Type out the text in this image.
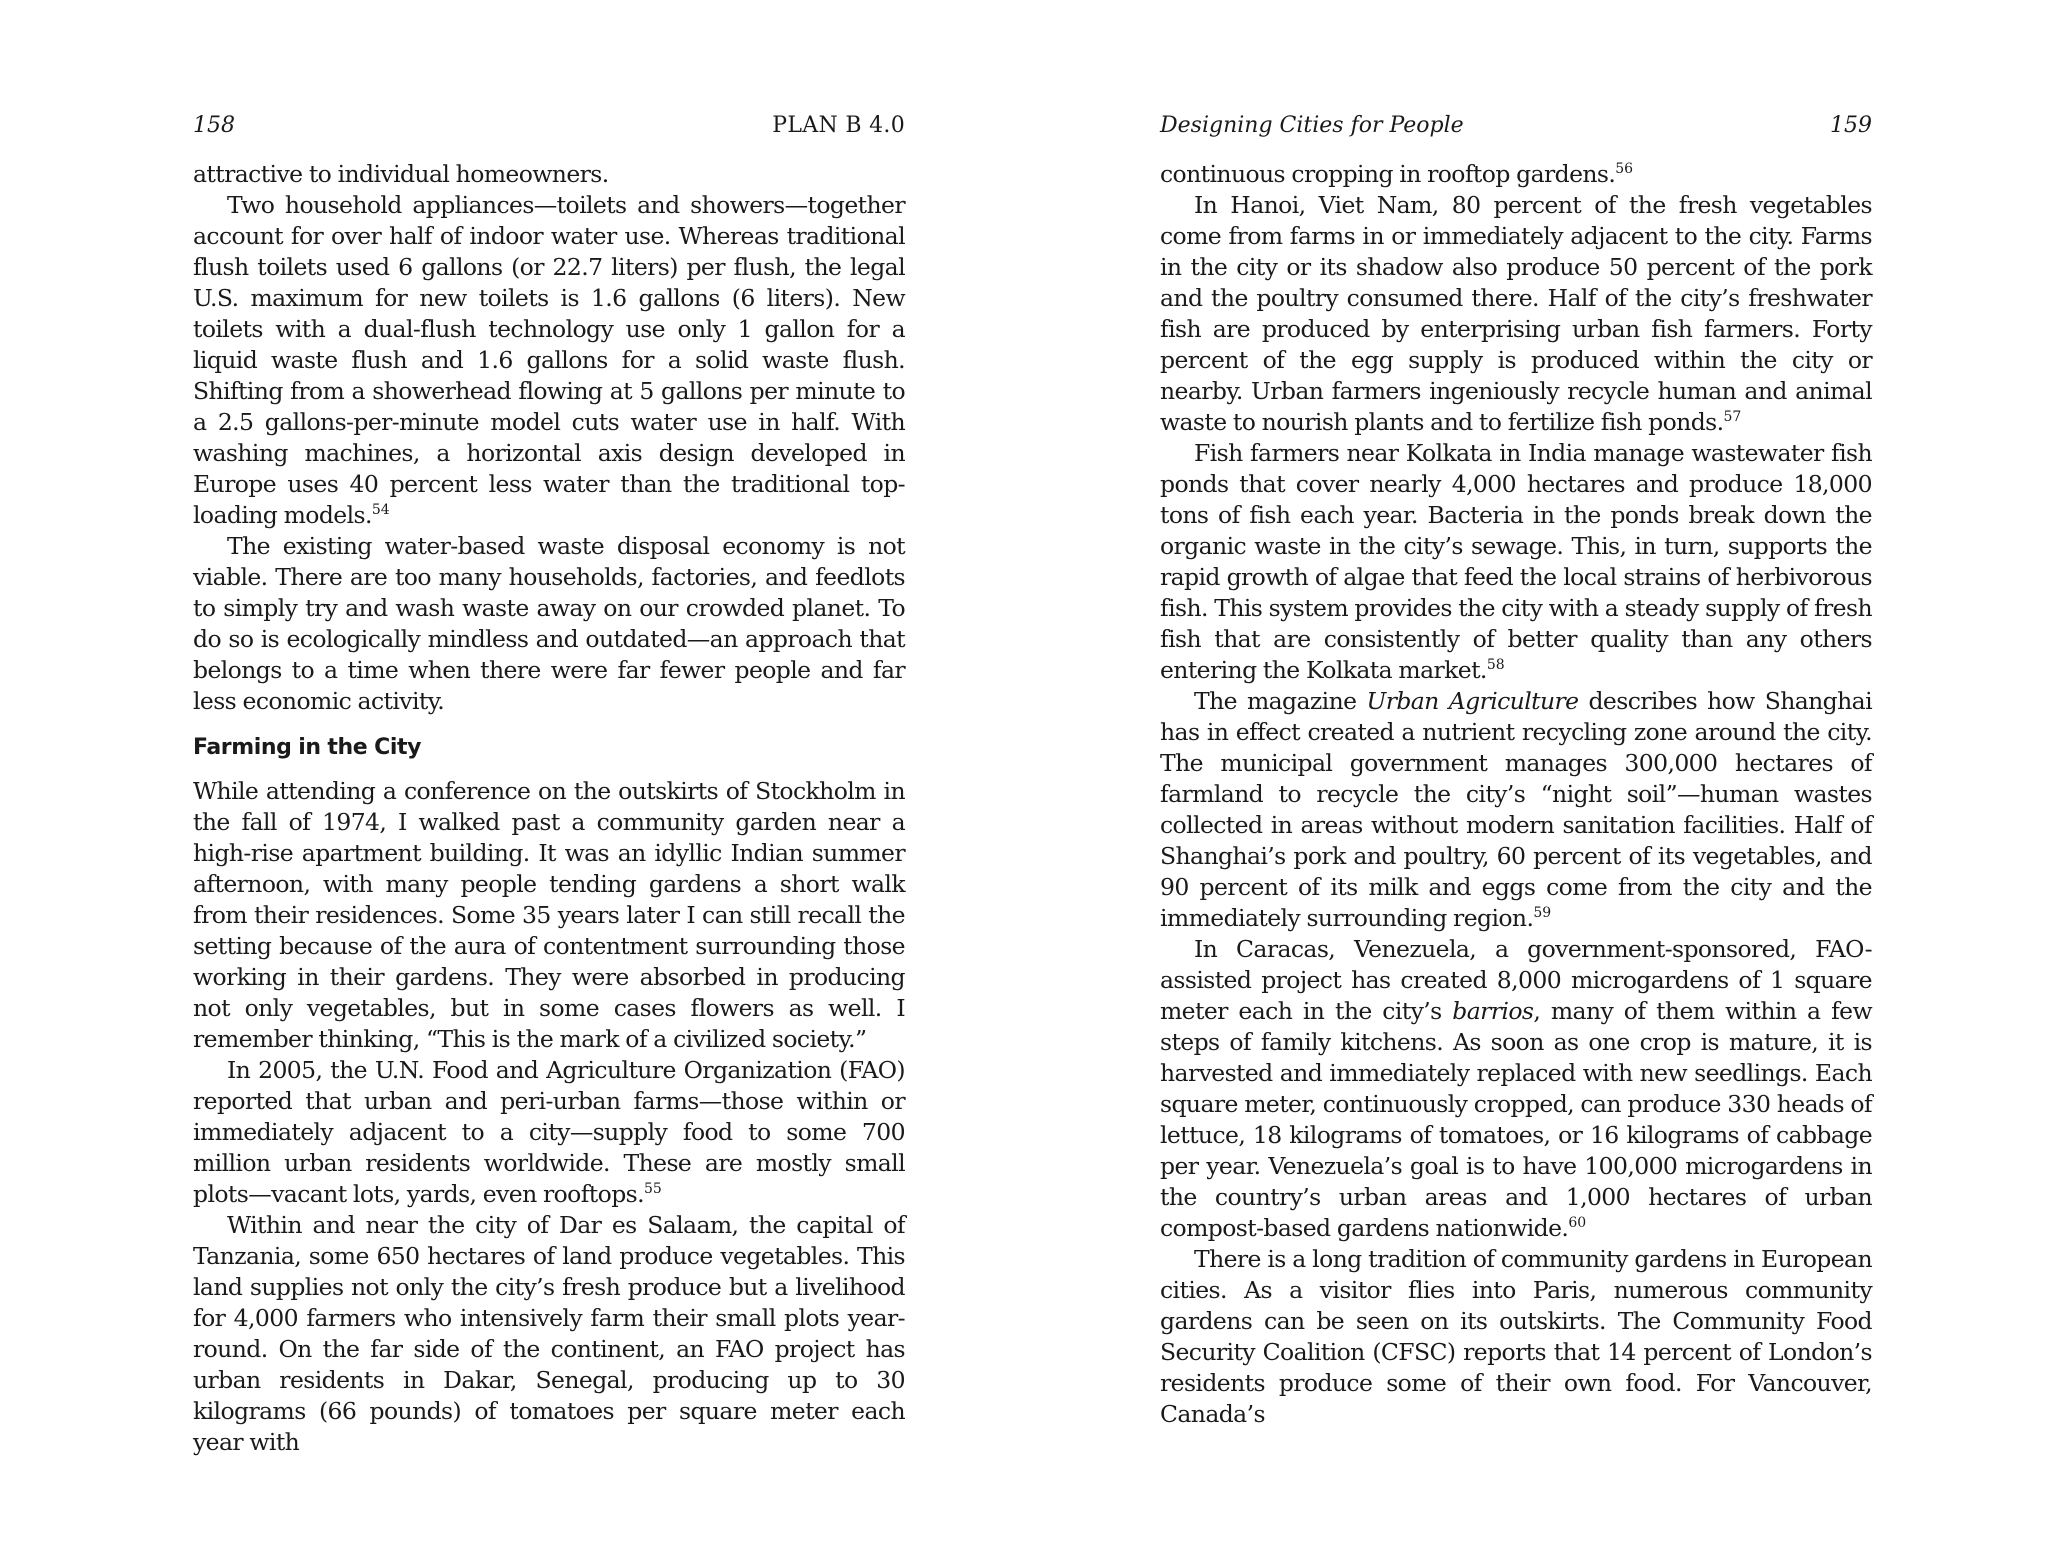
158	PLAN B 4.0

attractive to individual homeowners.

Two household appliances—toilets and showers—together account for over half of indoor water use. Whereas traditional flush toilets used 6 gallons (or 22.7 liters) per flush, the legal U.S. maximum for new toilets is 1.6 gallons (6 liters). New toilets with a dual-flush technology use only 1 gallon for a liquid waste flush and 1.6 gallons for a solid waste flush. Shifting from a showerhead flowing at 5 gallons per minute to a 2.5 gallons-per-minute model cuts water use in half. With washing machines, a horizontal axis design developed in Europe uses 40 percent less water than the traditional top-loading models.$^{54}$

The existing water-based waste disposal economy is not viable. There are too many households, factories, and feedlots to simply try and wash waste away on our crowded planet. To do so is ecologically mindless and outdated—an approach that belongs to a time when there were far fewer people and far less economic activity.

Farming in the City

While attending a conference on the outskirts of Stockholm in the fall of 1974, I walked past a community garden near a high-rise apartment building. It was an idyllic Indian summer afternoon, with many people tending gardens a short walk from their residences. Some 35 years later I can still recall the setting because of the aura of contentment surrounding those working in their gardens. They were absorbed in producing not only vegetables, but in some cases flowers as well. I remember thinking, “This is the mark of a civilized society.”

In 2005, the U.N. Food and Agriculture Organization (FAO) reported that urban and peri-urban farms—those within or immediately adjacent to a city—supply food to some 700 million urban residents worldwide. These are mostly small plots—vacant lots, yards, even rooftops.$^{55}$

Within and near the city of Dar es Salaam, the capital of Tanzania, some 650 hectares of land produce vegetables. This land supplies not only the city’s fresh produce but a livelihood for 4,000 farmers who intensively farm their small plots year-round. On the far side of the continent, an FAO project has urban residents in Dakar, Senegal, producing up to 30 kilograms (66 pounds) of tomatoes per square meter each year with

Designing Cities for People	159

continuous cropping in rooftop gardens.$^{56}$

In Hanoi, Viet Nam, 80 percent of the fresh vegetables come from farms in or immediately adjacent to the city. Farms in the city or its shadow also produce 50 percent of the pork and the poultry consumed there. Half of the city’s freshwater fish are produced by enterprising urban fish farmers. Forty percent of the egg supply is produced within the city or nearby. Urban farmers ingeniously recycle human and animal waste to nourish plants and to fertilize fish ponds.$^{57}$

Fish farmers near Kolkata in India manage wastewater fish ponds that cover nearly 4,000 hectares and produce 18,000 tons of fish each year. Bacteria in the ponds break down the organic waste in the city’s sewage. This, in turn, supports the rapid growth of algae that feed the local strains of herbivorous fish. This system provides the city with a steady supply of fresh fish that are consistently of better quality than any others entering the Kolkata market.$^{58}$

The magazine Urban Agriculture describes how Shanghai has in effect created a nutrient recycling zone around the city. The municipal government manages 300,000 hectares of farmland to recycle the city’s “night soil”—human wastes collected in areas without modern sanitation facilities. Half of Shanghai’s pork and poultry, 60 percent of its vegetables, and 90 percent of its milk and eggs come from the city and the immediately surrounding region.$^{59}$

In Caracas, Venezuela, a government-sponsored, FAO-assisted project has created 8,000 microgardens of 1 square meter each in the city’s barrios, many of them within a few steps of family kitchens. As soon as one crop is mature, it is harvested and immediately replaced with new seedlings. Each square meter, continuously cropped, can produce 330 heads of lettuce, 18 kilograms of tomatoes, or 16 kilograms of cabbage per year. Venezuela’s goal is to have 100,000 microgardens in the country’s urban areas and 1,000 hectares of urban compost-based gardens nationwide.$^{60}$

There is a long tradition of community gardens in European cities. As a visitor flies into Paris, numerous community gardens can be seen on its outskirts. The Community Food Security Coalition (CFSC) reports that 14 percent of London’s residents produce some of their own food. For Vancouver, Canada’s
